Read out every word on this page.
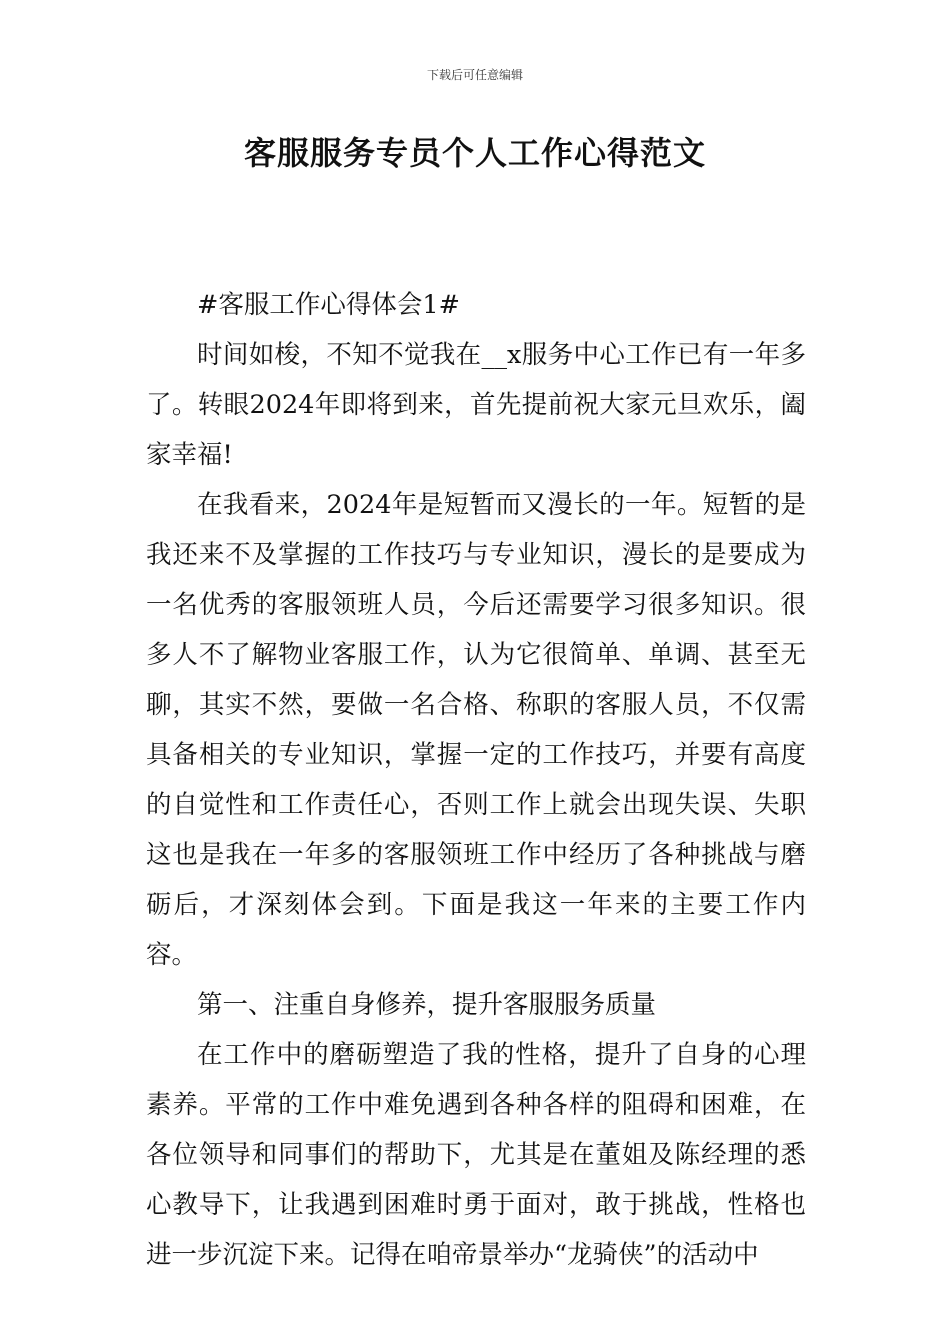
下载后可任意编辑
客服服务专员个人工作心得范文

#客服工作心得体会1#

时间如梭，不知不觉我在__x服务中心工作已有一年多了。转眼2024年即将到来，首先提前祝大家元旦欢乐，阖家幸福!

在我看来，2024年是短暂而又漫长的一年。短暂的是我还来不及掌握的工作技巧与专业知识，漫长的是要成为一名优秀的客服领班人员，今后还需要学习很多知识。很多人不了解物业客服工作，认为它很简单、单调、甚至无聊，其实不然，要做一名合格、称职的客服人员，不仅需具备相关的专业知识，掌握一定的工作技巧，并要有高度的自觉性和工作责任心，否则工作上就会出现失误、失职这也是我在一年多的客服领班工作中经历了各种挑战与磨砺后，才深刻体会到。下面是我这一年来的主要工作内容。

第一、注重自身修养，提升客服服务质量

在工作中的磨砺塑造了我的性格，提升了自身的心理素养。平常的工作中难免遇到各种各样的阻碍和困难，在各位领导和同事们的帮助下，尤其是在董姐及陈经理的悉心教导下，让我遇到困难时勇于面对，敢于挑战，性格也进一步沉淀下来。记得在咱帝景举办“龙骑侠”的活动中
